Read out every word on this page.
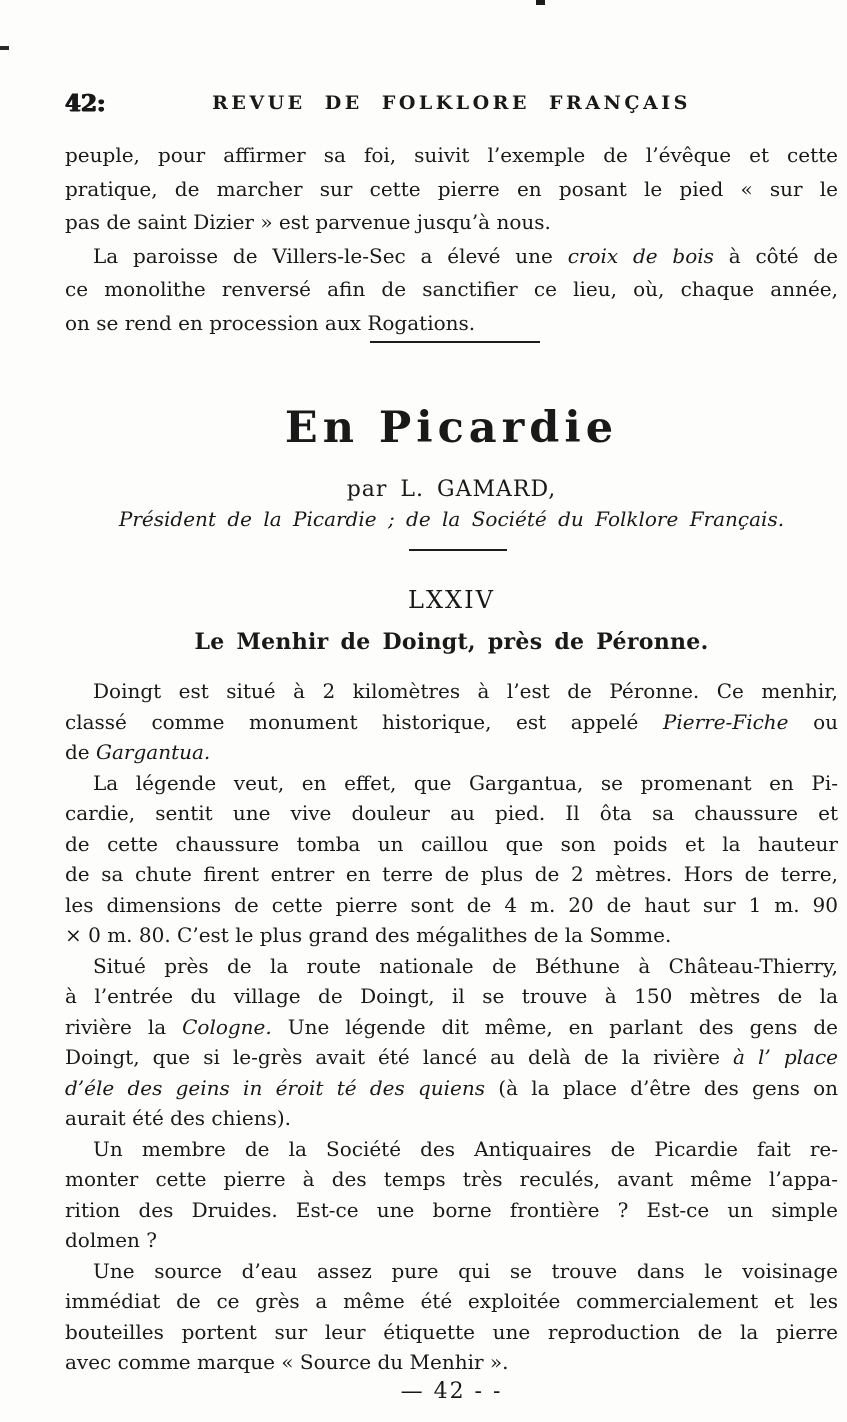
42:	REVUE DE FOLKLORE FRANÇAIS
peuple, pour affirmer sa foi, suivit l’exemple de l’évêque et cette
pratique, de marcher sur cette pierre en posant le pied « sur le
pas de saint Dizier » est parvenue jusqu’à nous.
La paroisse de Villers-le-Sec a élevé une croix de bois à côté de
ce monolithe renversé afin de sanctifier ce lieu, où, chaque année,
on se rend en procession aux Rogations.
En Picardie
par L. GAMARD,
Président de la Picardie ; de la Société du Folklore Français.
LXXIV
Le Menhir de Doingt, près de Péronne.
Doingt est situé à 2 kilomètres à l’est de Péronne. Ce menhir,
classé comme monument historique, est appelé Pierre-Fiche ou
de Gargantua.
La légende veut, en effet, que Gargantua, se promenant en Pi-
cardie, sentit une vive douleur au pied. Il ôta sa chaussure et
de cette chaussure tomba un caillou que son poids et la hauteur
de sa chute firent entrer en terre de plus de 2 mètres. Hors de terre,
les dimensions de cette pierre sont de 4 m. 20 de haut sur 1 m. 90
× 0 m. 80. C’est le plus grand des mégalithes de la Somme.
Situé près de la route nationale de Béthune à Château-Thierry,
à l’entrée du village de Doingt, il se trouve à 150 mètres de la
rivière la Cologne. Une légende dit même, en parlant des gens de
Doingt, que si le-grès avait été lancé au delà de la rivière à l’ place
d’éle des geins in éroit té des quiens (à la place d’être des gens on
aurait été des chiens).
Un membre de la Société des Antiquaires de Picardie fait re-
monter cette pierre à des temps très reculés, avant même l’appa-
rition des Druides. Est-ce une borne frontière ? Est-ce un simple
dolmen ?
Une source d’eau assez pure qui se trouve dans le voisinage
immédiat de ce grès a même été exploitée commercialement et les
bouteilles portent sur leur étiquette une reproduction de la pierre
avec comme marque « Source du Menhir ».
— 42 - -
